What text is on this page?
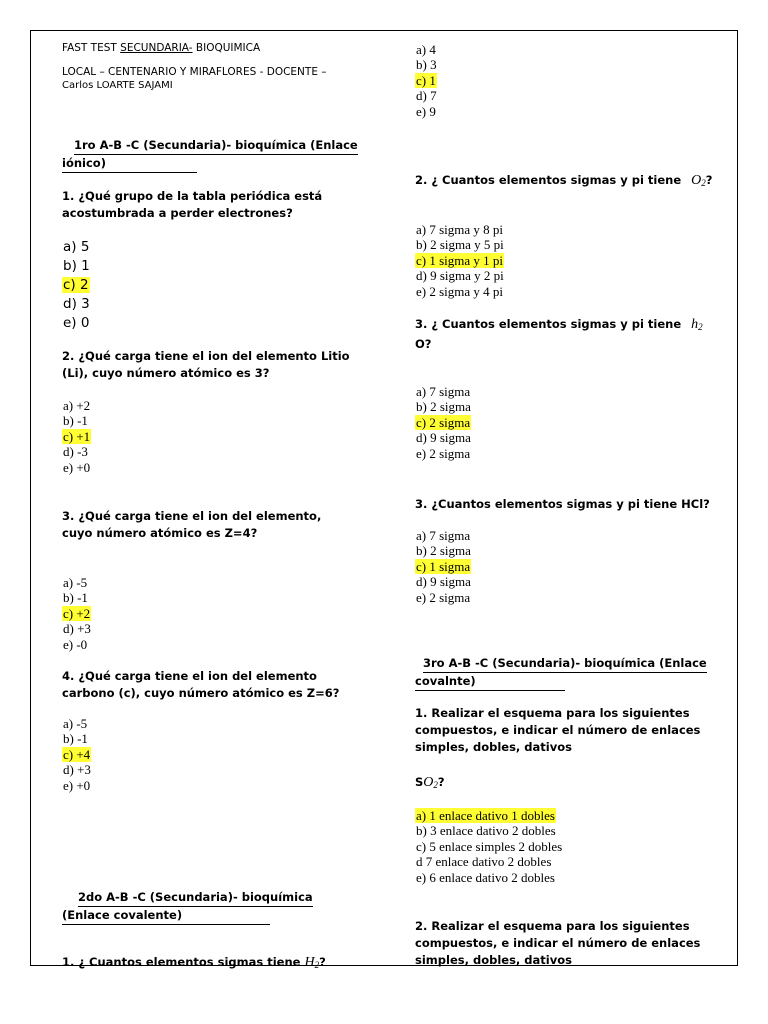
FAST TEST SECUNDARIA- BIOQUIMICA
LOCAL – CENTENARIO Y MIRAFLORES - DOCENTE –
Carlos LOARTE SAJAMI
1ro A-B -C (Secundaria)- bioquímica (Enlace
iónico)
1. ¿Qué grupo de la tabla periódica está acostumbrada a perder electrones?
a) 5
b) 1
c) 2
d) 3
e) 0
2. ¿Qué carga tiene el ion del elemento Litio (Li), cuyo número atómico es 3?
a) +2
b) -1
c) +1
d) -3
e) +0
3. ¿Qué carga tiene el ion del elemento, cuyo número atómico es Z=4?
a) -5
b) -1
c) +2
d) +3
e) -0
4. ¿Qué carga tiene el ion del elemento carbono (c), cuyo número atómico es Z=6?
a) -5
b) -1
c) +4
d) +3
e) +0
2do A-B -C (Secundaria)- bioquímica
(Enlace covalente)
1. ¿ Cuantos elementos sigmas tiene $H_2$?
a) 4
b) 3
c) 1
d) 7
e) 9
2. ¿ Cuantos elementos sigmas y pi tiene $O_2$?
a) 7 sigma y 8 pi
b) 2 sigma y 5 pi
c) 1 sigma y 1 pi
d) 9 sigma y 2 pi
e) 2 sigma y 4 pi
3. ¿ Cuantos elementos sigmas y pi tiene $h_2$
O?
a) 7 sigma
b) 2 sigma
c) 2 sigma
d) 9 sigma
e) 2 sigma
3. ¿Cuantos elementos sigmas y pi tiene HCl?
a) 7 sigma
b) 2 sigma
c) 1 sigma
d) 9 sigma
e) 2 sigma
3ro A-B -C (Secundaria)- bioquímica (Enlace
covalnte)
1. Realizar el esquema para los siguientes compuestos, e indicar el número de enlaces simples, dobles, dativos
$SO_2$?
a) 1 enlace dativo 1 dobles
b) 3 enlace dativo 2 dobles
c) 5 enlace simples 2 dobles
d 7 enlace dativo 2 dobles
e) 6 enlace dativo 2 dobles
2. Realizar el esquema para los siguientes compuestos, e indicar el número de enlaces simples, dobles, dativos
